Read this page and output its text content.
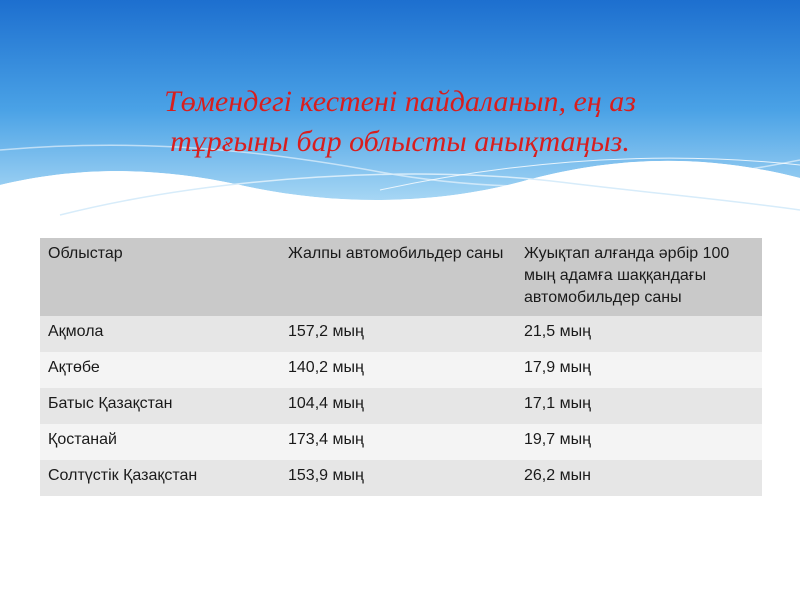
Төмендегі кестені пайдаланып, ең аз
тұрғыны бар облысты анықтаңыз.
Облыстар	Жалпы автомобильдер саны	Жуықтап алғанда әрбір 100 мың адамға шаққандағы автомобильдер саны

Ақмола	157,2 мың	21,5 мың
Ақтөбе	140,2 мың	17,9 мың
Батыс Қазақстан	104,4 мың	17,1 мың
Қостанай	173,4 мың	19,7 мың
Солтүстік Қазақстан	153,9 мың	26,2 мын
